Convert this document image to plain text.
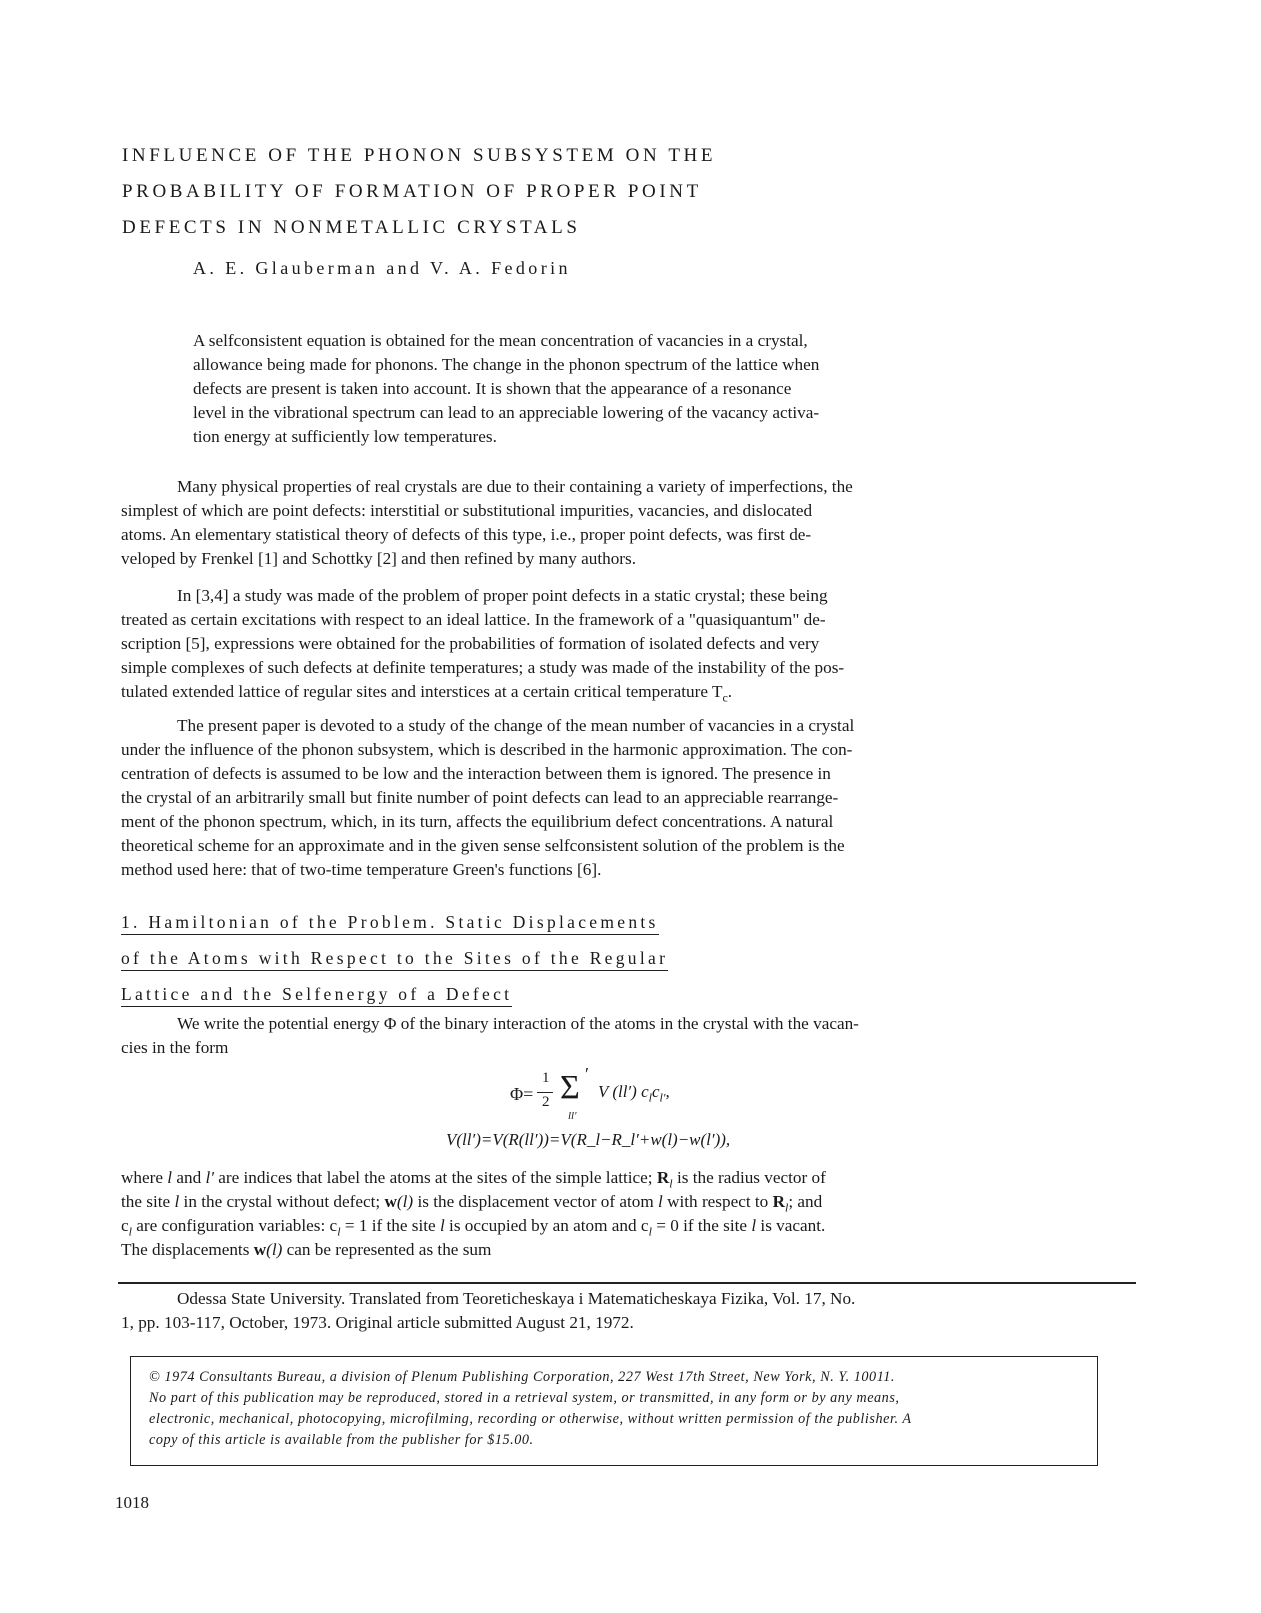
INFLUENCE OF THE PHONON SUBSYSTEM ON THE
PROBABILITY OF FORMATION OF PROPER POINT
DEFECTS IN NONMETALLIC CRYSTALS
A. E. Glauberman and V. A. Fedorin
A selfconsistent equation is obtained for the mean concentration of vacancies in a crystal,
allowance being made for phonons. The change in the phonon spectrum of the lattice when
defects are present is taken into account. It is shown that the appearance of a resonance
level in the vibrational spectrum can lead to an appreciable lowering of the vacancy activa-
tion energy at sufficiently low temperatures.
Many physical properties of real crystals are due to their containing a variety of imperfections, the
simplest of which are point defects: interstitial or substitutional impurities, vacancies, and dislocated
atoms. An elementary statistical theory of defects of this type, i.e., proper point defects, was first de-
veloped by Frenkel [1] and Schottky [2] and then refined by many authors.
In [3,4] a study was made of the problem of proper point defects in a static crystal; these being
treated as certain excitations with respect to an ideal lattice. In the framework of a "quasiquantum" de-
scription [5], expressions were obtained for the probabilities of formation of isolated defects and very
simple complexes of such defects at definite temperatures; a study was made of the instability of the pos-
tulated extended lattice of regular sites and interstices at a certain critical temperature $T_c$.
The present paper is devoted to a study of the change of the mean number of vacancies in a crystal
under the influence of the phonon subsystem, which is described in the harmonic approximation. The con-
centration of defects is assumed to be low and the interaction between them is ignored. The presence in
the crystal of an arbitrarily small but finite number of point defects can lead to an appreciable rearrange-
ment of the phonon spectrum, which, in its turn, affects the equilibrium defect concentrations. A natural
theoretical scheme for an approximate and in the given sense selfconsistent solution of the problem is the
method used here: that of two-time temperature Green's functions [6].
1. Hamiltonian of the Problem. Static Displacements
of the Atoms with Respect to the Sites of the Regular
Lattice and the Selfenergy of a Defect
We write the potential energy Φ of the binary interaction of the atoms in the crystal with the vacan-
cies in the form
Φ=
1
2 Σ ′
ll′
V (ll′) $c_lc_{l'}$,
V(ll′)=V(R(ll′))=V(R_l−R_l′+w(l)−w(l′)),
where l and l' are indices that label the atoms at the sites of the simple lattice; $R_l$ is the radius vector of
the site l in the crystal without defect; w(l) is the displacement vector of atom l with respect to $R_l$; and
$c_l$ are configuration variables: $c_l = 1$ if the site l is occupied by an atom and $c_l = 0$ if the site l is vacant.
The displacements w(l) can be represented as the sum
Odessa State University. Translated from Teoreticheskaya i Matematicheskaya Fizika, Vol. 17, No.
1, pp. 103-117, October, 1973. Original article submitted August 21, 1972.
© 1974 Consultants Bureau, a division of Plenum Publishing Corporation, 227 West 17th Street, New York, N. Y. 10011.
No part of this publication may be reproduced, stored in a retrieval system, or transmitted, in any form or by any means,
electronic, mechanical, photocopying, microfilming, recording or otherwise, without written permission of the publisher. A
copy of this article is available from the publisher for $15.00.
1018
